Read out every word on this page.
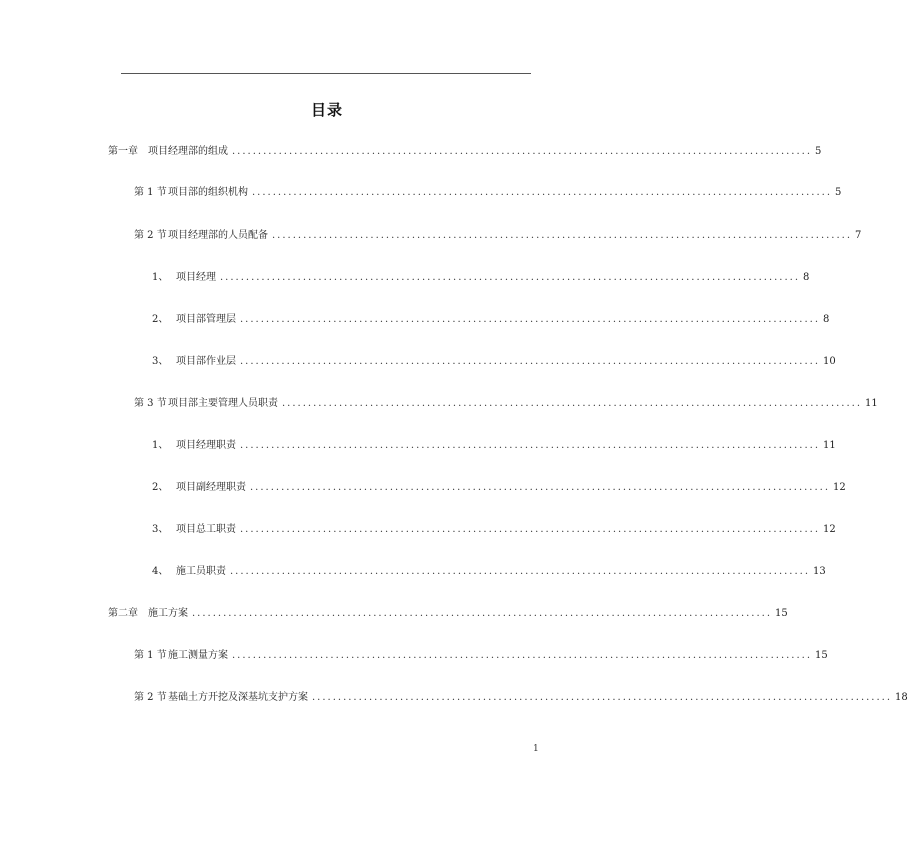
目录
第一章	项目经理部的组成 ................................................................................................................ 5
第 1 节 项目部的组织机构 ................................................................................................................ 5
第 2 节 项目经理部的人员配备 ................................................................................................................ 7
1、 项目经理 ................................................................................................................ 8
2、 项目部管理层 ................................................................................................................ 8
3、 项目部作业层 ................................................................................................................ 10
第 3 节 项目部主要管理人员职责 ................................................................................................................ 11
1、 项目经理职责 ................................................................................................................ 11
2、 项目副经理职责 ................................................................................................................ 12
3、 项目总工职责 ................................................................................................................ 12
4、 施工员职责 ................................................................................................................ 13
第二章	施工方案 ................................................................................................................ 15
第 1 节 施工测量方案 ................................................................................................................ 15
第 2 节 基础土方开挖及深基坑支护方案 ................................................................................................................ 18
1
